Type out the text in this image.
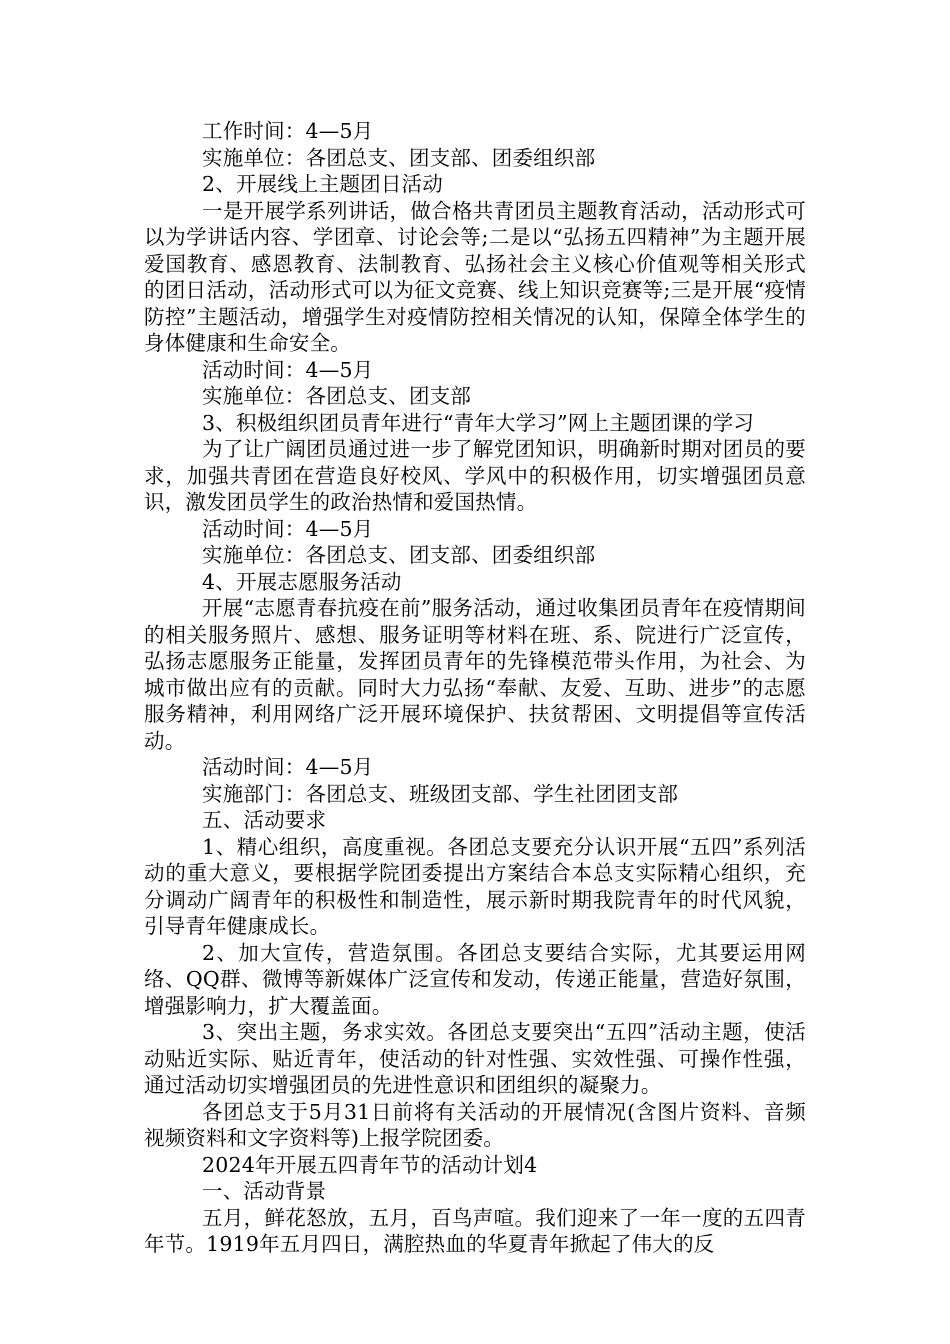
工作时间：4—5月

实施单位：各团总支、团支部、团委组织部

2、开展线上主题团日活动

一是开展学系列讲话，做合格共青团员主题教育活动，活动形式可以为学讲话内容、学团章、讨论会等;二是以“弘扬五四精神”为主题开展爱国教育、感恩教育、法制教育、弘扬社会主义核心价值观等相关形式的团日活动，活动形式可以为征文竞赛、线上知识竞赛等;三是开展“疫情防控”主题活动，增强学生对疫情防控相关情况的认知，保障全体学生的身体健康和生命安全。

活动时间：4—5月

实施单位：各团总支、团支部

3、积极组织团员青年进行“青年大学习”网上主题团课的学习

为了让广阔团员通过进一步了解党团知识，明确新时期对团员的要求，加强共青团在营造良好校风、学风中的积极作用，切实增强团员意识，激发团员学生的政治热情和爱国热情。

活动时间：4—5月

实施单位：各团总支、团支部、团委组织部

4、开展志愿服务活动

开展“志愿青春抗疫在前”服务活动，通过收集团员青年在疫情期间的相关服务照片、感想、服务证明等材料在班、系、院进行广泛宣传，弘扬志愿服务正能量，发挥团员青年的先锋模范带头作用，为社会、为城市做出应有的贡献。同时大力弘扬“奉献、友爱、互助、进步”的志愿服务精神，利用网络广泛开展环境保护、扶贫帮困、文明提倡等宣传活动。

活动时间：4—5月

实施部门：各团总支、班级团支部、学生社团团支部

五、活动要求

1、精心组织，高度重视。各团总支要充分认识开展“五四”系列活动的重大意义，要根据学院团委提出方案结合本总支实际精心组织，充分调动广阔青年的积极性和制造性，展示新时期我院青年的时代风貌，引导青年健康成长。

2、加大宣传，营造氛围。各团总支要结合实际，尤其要运用网络、QQ群、微博等新媒体广泛宣传和发动，传递正能量，营造好氛围，增强影响力，扩大覆盖面。

3、突出主题，务求实效。各团总支要突出“五四”活动主题，使活动贴近实际、贴近青年，使活动的针对性强、实效性强、可操作性强，通过活动切实增强团员的先进性意识和团组织的凝聚力。

各团总支于5月31日前将有关活动的开展情况(含图片资料、音频视频资料和文字资料等)上报学院团委。

2024年开展五四青年节的活动计划4

一、活动背景

五月，鲜花怒放，五月，百鸟声喧。我们迎来了一年一度的五四青年节。1919年五月四日，满腔热血的华夏青年掀起了伟大的反
